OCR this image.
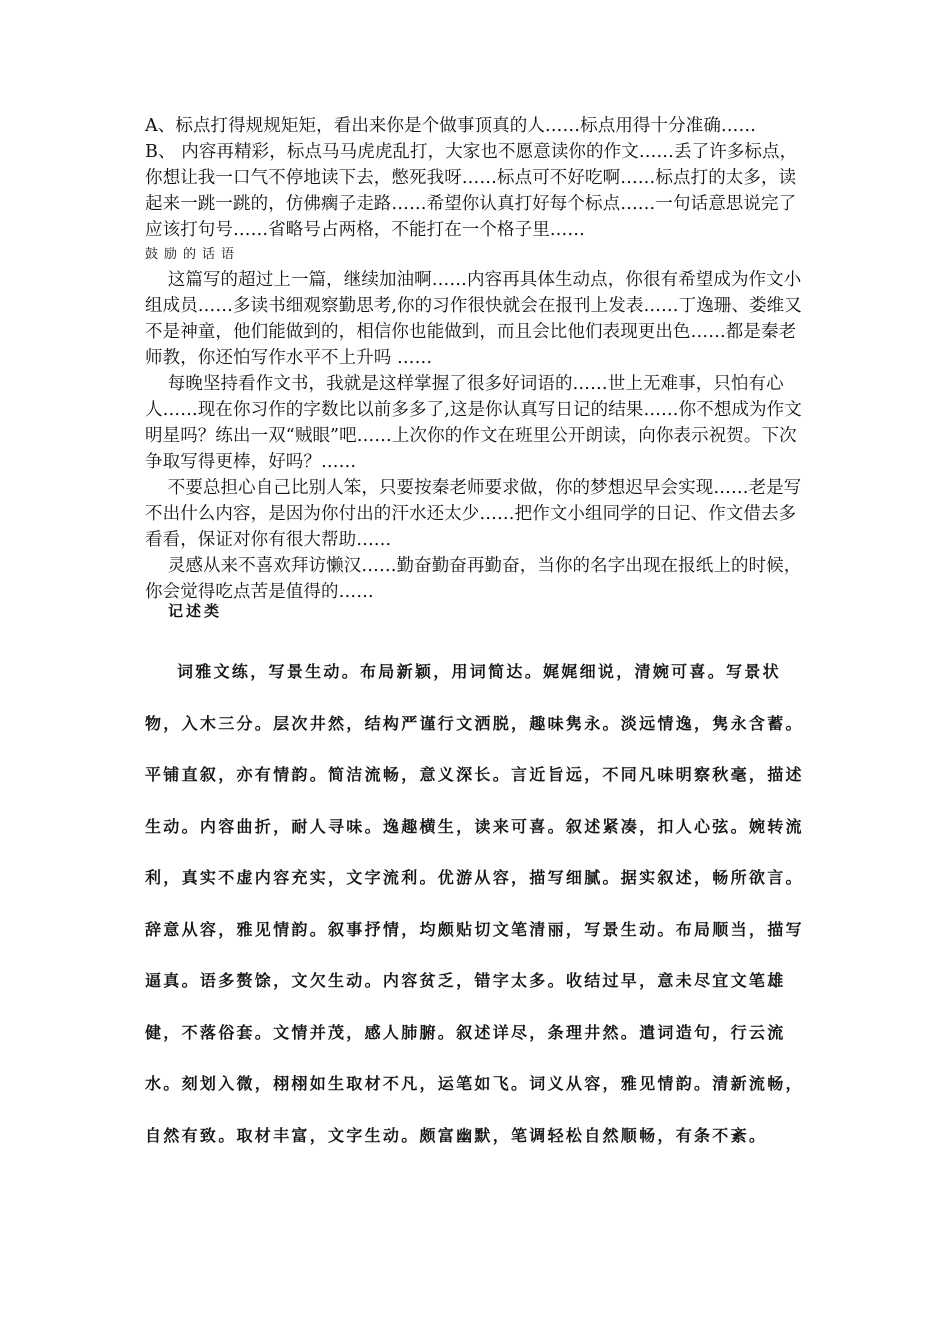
A、标点打得规规矩矩，看出来你是个做事顶真的人……标点用得十分准确……

B、 内容再精彩，标点马马虎虎乱打，大家也不愿意读你的作文……丢了许多标点，你想让我一口气不停地读下去，憋死我呀……标点可不好吃啊……标点打的太多，读 起来一跳一跳的，仿佛瘸子走路……希望你认真打好每个标点……一句话意思说完了应该打句号……省略号占两格，不能打在一个格子里……

鼓励的话语

这篇写的超过上一篇，继续加油啊……内容再具体生动点，你很有希望成为作文小组成员……多读书细观察勤思考,你的习作很快就会在报刊上发表……丁逸珊、娄维又不是神童，他们能做到的，相信你也能做到，而且会比他们表现更出色……都是秦老师教，你还怕写作水平不上升吗 ……

每晚坚持看作文书，我就是这样掌握了很多好词语的……世上无难事，只怕有心人……现在你习作的字数比以前多多了,这是你认真写日记的结果……你不想成为作文明星吗？练出一双“贼眼”吧……上次你的作文在班里公开朗读，向你表示祝贺。下次争取写得更棒，好吗？……

不要总担心自己比别人笨，只要按秦老师要求做，你的梦想迟早会实现……老是写不出什么内容，是因为你付出的汗水还太少……把作文小组同学的日记、作文借去多看看，保证对你有很大帮助……

灵感从来不喜欢拜访懒汉……勤奋勤奋再勤奋，当你的名字出现在报纸上的时候，你会觉得吃点苦是值得的……

记述类

词雅文练，写景生动。布局新颖，用词简达。娓娓细说，清婉可喜。写景状物，入木三分。层次井然，结构严谨行文洒脱，趣味隽永。淡远情逸，隽永含蓄。平铺直叙，亦有情韵。简洁流畅，意义深长。言近旨远，不同凡味明察秋毫，描述生动。内容曲折，耐人寻味。逸趣横生，读来可喜。叙述紧凑，扣人心弦。婉转流利，真实不虚内容充实，文字流利。优游从容，描写细腻。据实叙述，畅所欲言。辞意从容，雅见情韵。叙事抒情，均颇贴切文笔清丽，写景生动。布局顺当，描写逼真。语多赘馀，文欠生动。内容贫乏，错字太多。收结过早，意未尽宜文笔雄健，不落俗套。文情并茂，感人肺腑。叙述详尽，条理井然。遣词造句，行云流水。刻划入微，栩栩如生取材不凡，运笔如飞。词义从容，雅见情韵。清新流畅，自然有致。取材丰富，文字生动。颇富幽默，笔调轻松自然顺畅，有条不紊。
